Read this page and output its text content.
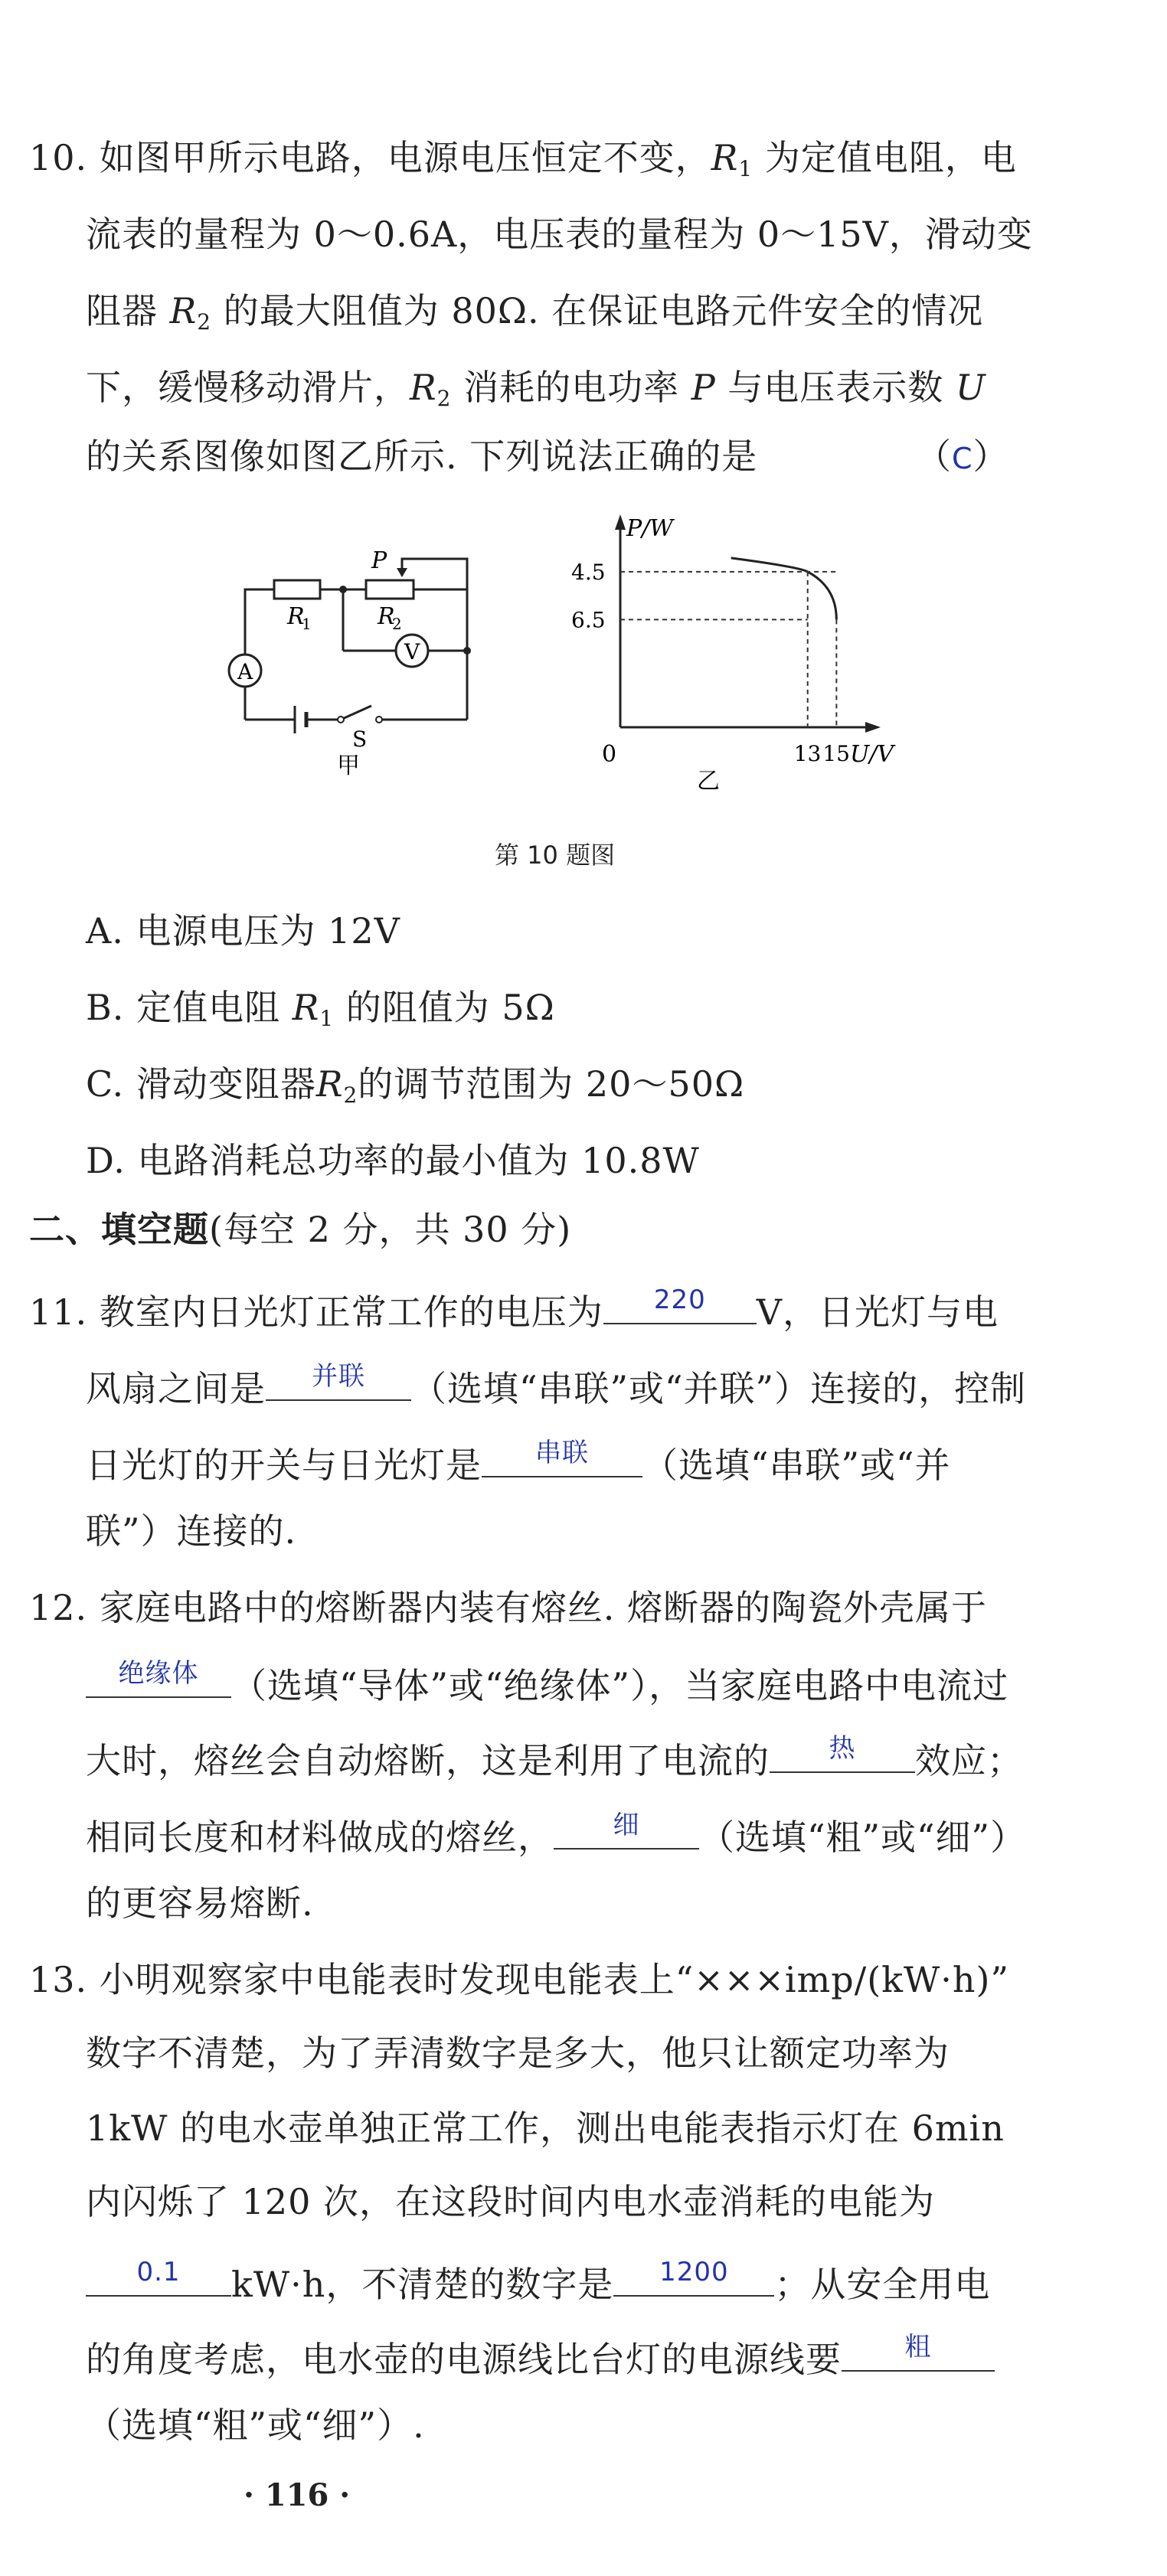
10. 如图甲所示电路，电源电压恒定不变，$R_1$ 为定值电阻，电
流表的量程为 0～0.6A，电压表的量程为 0～15V，滑动变
阻器 $R_2$ 的最大阻值为 80Ω. 在保证电路元件安全的情况
下，缓慢移动滑片，$R_2$ 消耗的电功率 P 与电压表示数 U
的关系图像如图乙所示. 下列说法正确的是	（C）
R
1	R
2
P
A
V
S
甲
6.5
4.5
13 15
P/W
U/V
0
乙
第 10 题图
A. 电源电压为 12V
B. 定值电阻 $R_1$ 的阻值为 5Ω
C. 滑动变阻器$R_2$的调节范围为 20～50Ω
D. 电路消耗总功率的最小值为 10.8W
二、填空题(每空 2 分，共 30 分)
11. 教室内日光灯正常工作的电压为	220	V，日光灯与电
风扇之间是	并联	（选填“串联”或“并联”）连接的，控制
日光灯的开关与日光灯是	串联	（选填“串联”或“并
联”）连接的.
12. 家庭电路中的熔断器内装有熔丝. 熔断器的陶瓷外壳属于
绝缘体 （选填“导体”或“绝缘体”），当家庭电路中电流过
大时，熔丝会自动熔断，这是利用了电流的	热	效应；
相同长度和材料做成的熔丝，	细	（选填“粗”或“细”）
的更容易熔断.
13. 小明观察家中电能表时发现电能表上“×××imp/(kW·h)”
数字不清楚，为了弄清数字是多大，他只让额定功率为
1kW 的电水壶单独正常工作，测出电能表指示灯在 6min
内闪烁了 120 次，在这段时间内电水壶消耗的电能为
0.1	kW·h，不清楚的数字是	1200	；从安全用电
的角度考虑，电水壶的电源线比台灯的电源线要	粗
（选填“粗”或“细”）.
· 116 ·
